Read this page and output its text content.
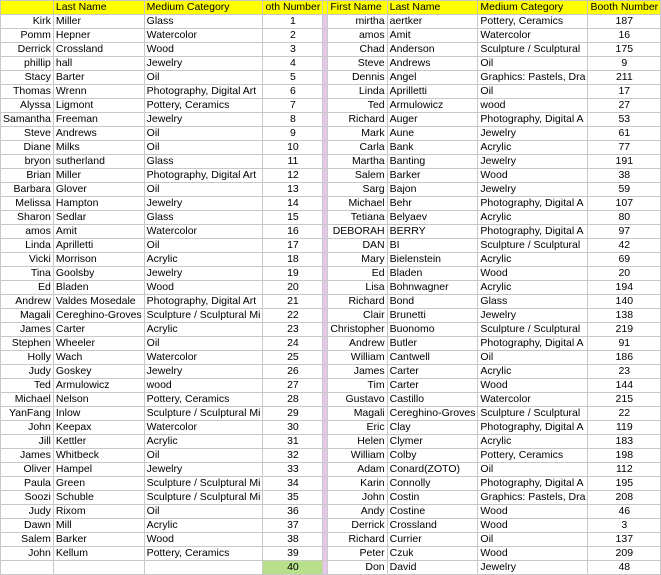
	Last Name	Medium Category	oth Number		First Name	Last Name	Medium Category	Booth Number
Kirk	Miller	Glass	1		mirtha	aertker	Pottery, Ceramics	187
Pomm	Hepner	Watercolor	2		amos	Amit	Watercolor	16
Derrick	Crossland	Wood	3		Chad	Anderson	Sculpture / Sculptural	175
phillip	hall	Jewelry	4		Steve	Andrews	Oil	9
Stacy	Barter	Oil	5		Dennis	Angel	Graphics: Pastels, Dra	211
Thomas	Wrenn	Photography, Digital Art	6		Linda	Aprilletti	Oil	17
Alyssa	Ligmont	Pottery, Ceramics	7		Ted	Armulowicz	wood	27
Samantha	Freeman	Jewelry	8		Richard	Auger	Photography, Digital A	53
Steve	Andrews	Oil	9		Mark	Aune	Jewelry	61
Diane	Milks	Oil	10		Carla	Bank	Acrylic	77
bryon	sutherland	Glass	11		Martha	Banting	Jewelry	191
Brian	Miller	Photography, Digital Art	12		Salem	Barker	Wood	38
Barbara	Glover	Oil	13		Sarg	Bajon	Jewelry	59
Melissa	Hampton	Jewelry	14		Michael	Behr	Photography, Digital A	107
Sharon	Sedlar	Glass	15		Tetiana	Belyaev	Acrylic	80
amos	Amit	Watercolor	16		DEBORAH	BERRY	Photography, Digital A	97
Linda	Aprilletti	Oil	17		DAN	BI	Sculpture / Sculptural	42
Vicki	Morrison	Acrylic	18		Mary	Bielenstein	Acrylic	69
Tina	Goolsby	Jewelry	19		Ed	Bladen	Wood	20
Ed	Bladen	Wood	20		Lisa	Bohnwagner	Acrylic	194
Andrew	Valdes Mosedale	Photography, Digital Art	21		Richard	Bond	Glass	140
Magali	Cereghino-Groves	Sculpture / Sculptural Mi	22		Clair	Brunetti	Jewelry	138
James	Carter	Acrylic	23		Christopher	Buonomo	Sculpture / Sculptural	219
Stephen	Wheeler	Oil	24		Andrew	Butler	Photography, Digital A	91
Holly	Wach	Watercolor	25		William	Cantwell	Oil	186
Judy	Goskey	Jewelry	26		James	Carter	Acrylic	23
Ted	Armulowicz	wood	27		Tim	Carter	Wood	144
Michael	Nelson	Pottery, Ceramics	28		Gustavo	Castillo	Watercolor	215
YanFang	Inlow	Sculpture / Sculptural Mi	29		Magali	Cereghino-Groves	Sculpture / Sculptural	22
John	Keepax	Watercolor	30		Eric	Clay	Photography, Digital A	119
Jill	Kettler	Acrylic	31		Helen	Clymer	Acrylic	183
James	Whitbeck	Oil	32		William	Colby	Pottery, Ceramics	198
Oliver	Hampel	Jewelry	33		Adam	Conard(ZOTO)	Oil	112
Paula	Green	Sculpture / Sculptural Mi	34		Karin	Connolly	Photography, Digital A	195
Soozi	Schuble	Sculpture / Sculptural Mi	35		John	Costin	Graphics: Pastels, Dra	208
Judy	Rixom	Oil	36		Andy	Costine	Wood	46
Dawn	Mill	Acrylic	37		Derrick	Crossland	Wood	3
Salem	Barker	Wood	38		Richard	Currier	Oil	137
John	Kellum	Pottery, Ceramics	39		Peter	Czuk	Wood	209
			40		Don	David	Jewelry	48
